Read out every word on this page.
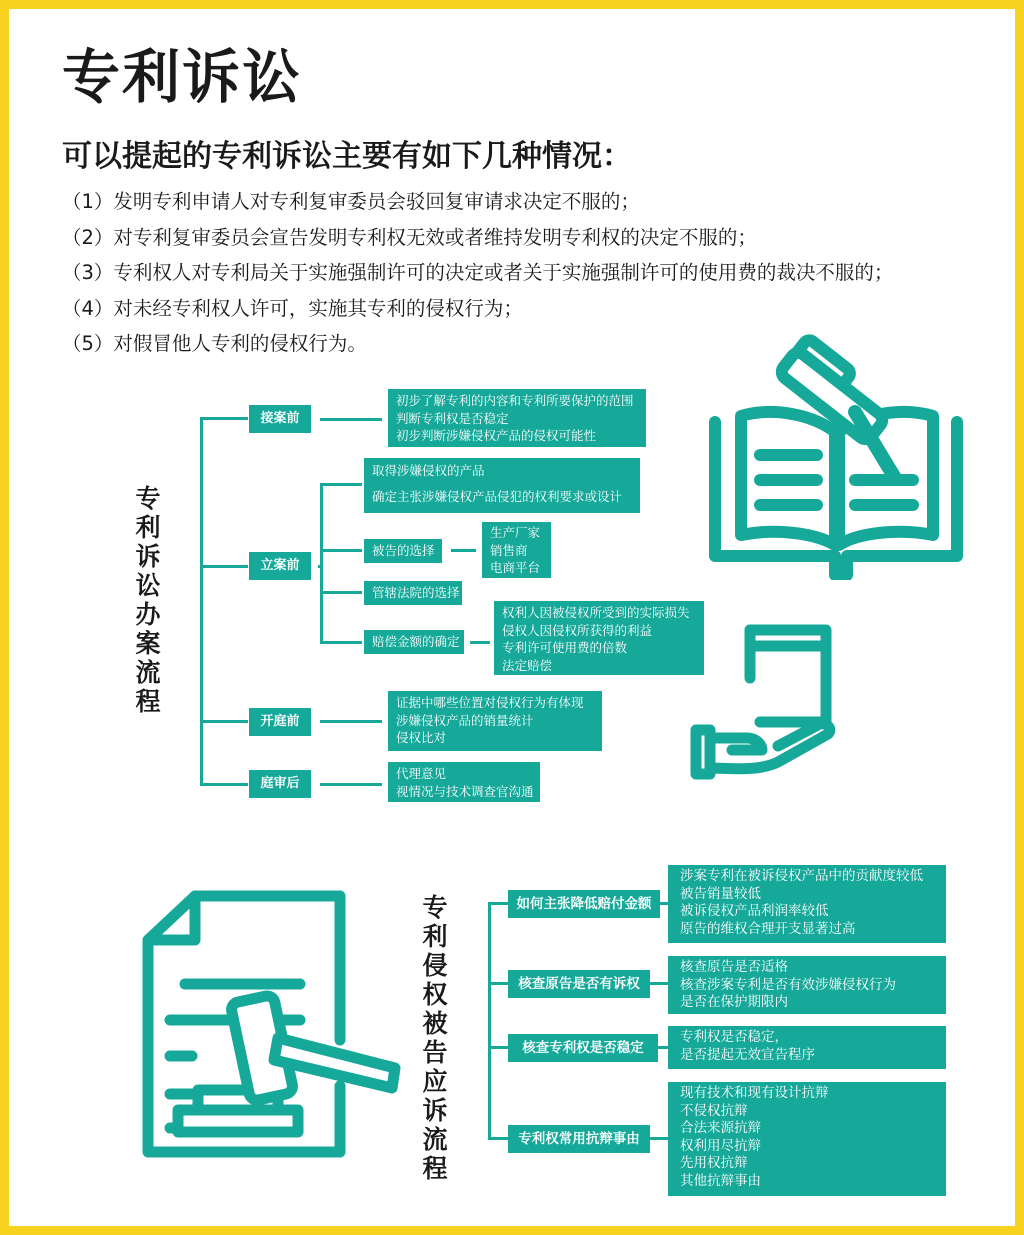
专利诉讼
可以提起的专利诉讼主要有如下几种情况：
（1）发明专利申请人对专利复审委员会驳回复审请求决定不服的；
（2）对专利复审委员会宣告发明专利权无效或者维持发明专利权的决定不服的；
（3）专利权人对专利局关于实施强制许可的决定或者关于实施强制许可的使用费的裁决不服的；
（4）对未经专利权人许可，实施其专利的侵权行为；
（5）对假冒他人专利的侵权行为。
专利诉讼办案流程
接案前
立案前
开庭前
庭审后
初步了解专利的内容和专利所要保护的范围
判断专利权是否稳定
初步判断涉嫌侵权产品的侵权可能性
取得涉嫌侵权的产品
确定主张涉嫌侵权产品侵犯的权利要求或设计
被告的选择
生产厂家
销售商
电商平台
管辖法院的选择
赔偿金额的确定
权利人因被侵权所受到的实际损失
侵权人因侵权所获得的利益
专利许可使用费的倍数
法定赔偿
证据中哪些位置对侵权行为有体现
涉嫌侵权产品的销量统计
侵权比对
代理意见
视情况与技术调查官沟通
专利侵权被告应诉流程
如何主张降低赔付金额
核查原告是否有诉权
核查专利权是否稳定
专利权常用抗辩事由
涉案专利在被诉侵权产品中的贡献度较低
被告销量较低
被诉侵权产品利润率较低
原告的维权合理开支显著过高
核查原告是否适格
核查涉案专利是否有效涉嫌侵权行为
是否在保护期限内
专利权是否稳定，
是否提起无效宣告程序
现有技术和现有设计抗辩
不侵权抗辩
合法来源抗辩
权利用尽抗辩
先用权抗辩
其他抗辩事由
